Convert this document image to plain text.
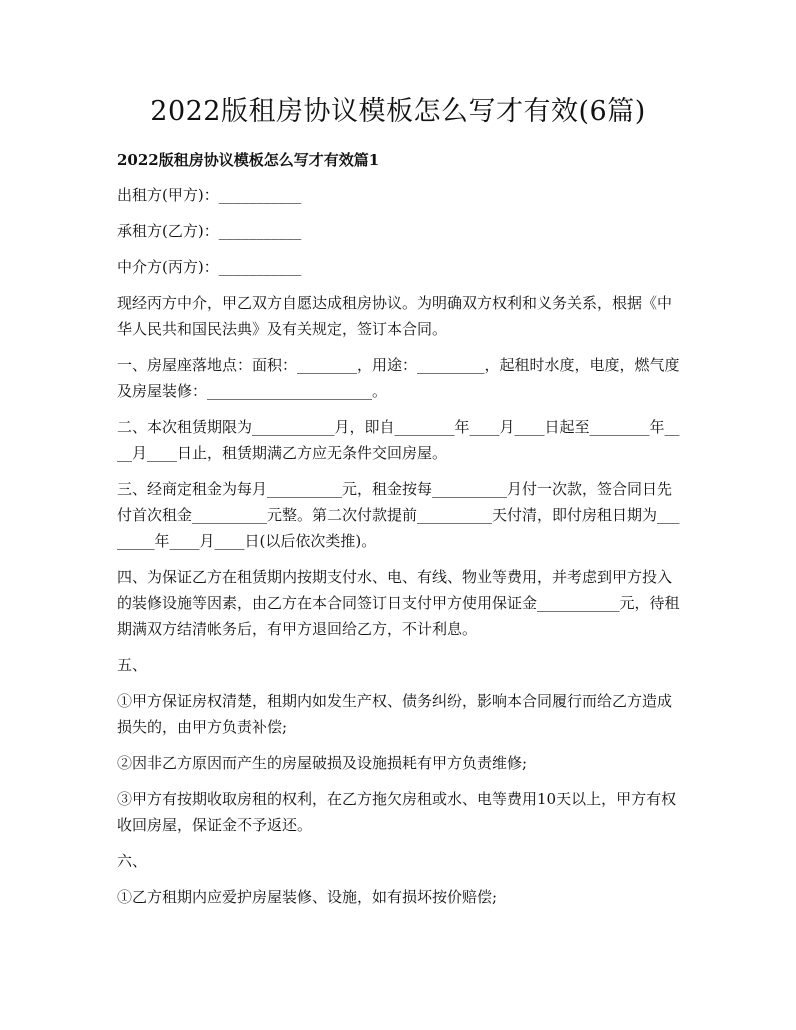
2022版租房协议模板怎么写才有效(6篇)
2022版租房协议模板怎么写才有效篇1

出租方(甲方)：___________

承租方(乙方)：___________

中介方(丙方)：___________

现经丙方中介，甲乙双方自愿达成租房协议。为明确双方权利和义务关系，根据《中华人民共和国民法典》及有关规定，签订本合同。

一、房屋座落地点：面积：________，用途：_________，起租时水度，电度，燃气度及房屋装修：______________________。

二、本次租赁期限为___________月，即自________年____月____日起至________年____月____日止，租赁期满乙方应无条件交回房屋。

三、经商定租金为每月__________元，租金按每__________月付一次款，签合同日先付首次租金__________元整。第二次付款提前__________天付清，即付房租日期为________年____月____日(以后依次类推)。

四、为保证乙方在租赁期内按期支付水、电、有线、物业等费用，并考虑到甲方投入的装修设施等因素，由乙方在本合同签订日支付甲方使用保证金___________元，待租期满双方结清帐务后，有甲方退回给乙方，不计利息。

五、

①甲方保证房权清楚，租期内如发生产权、债务纠纷，影响本合同履行而给乙方造成损失的，由甲方负责补偿;

②因非乙方原因而产生的房屋破损及设施损耗有甲方负责维修;

③甲方有按期收取房租的权利，在乙方拖欠房租或水、电等费用10天以上，甲方有权收回房屋，保证金不予返还。

六、

①乙方租期内应爱护房屋装修、设施，如有损坏按价赔偿;
